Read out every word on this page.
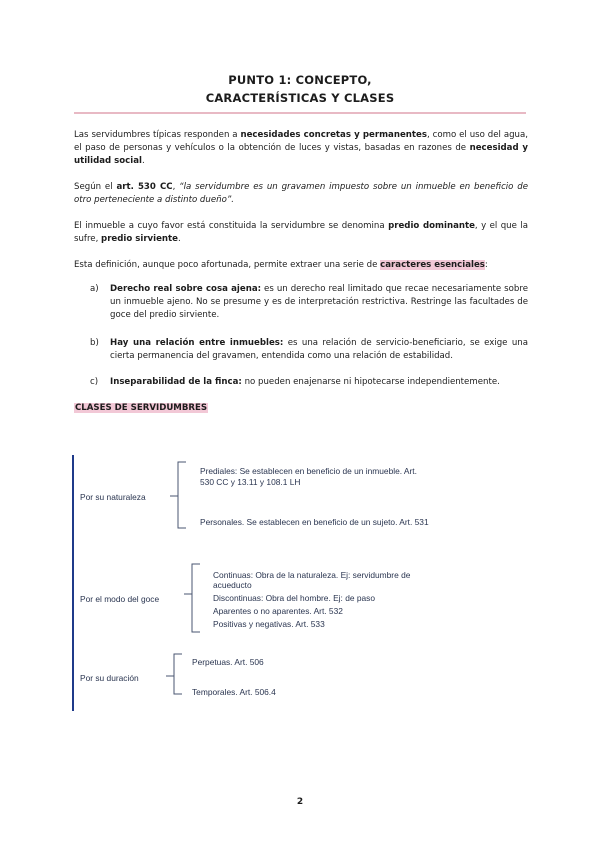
PUNTO 1: CONCEPTO,
CARACTERÍSTICAS Y CLASES
Las servidumbres típicas responden a necesidades concretas y permanentes, como el uso del agua, el paso de personas y vehículos o la obtención de luces y vistas, basadas en razones de necesidad y utilidad social.
Según el art. 530 CC, “la servidumbre es un gravamen impuesto sobre un inmueble en beneficio de otro perteneciente a distinto dueño”.
El inmueble a cuyo favor está constituida la servidumbre se denomina predio dominante, y el que la sufre, predio sirviente.
Esta definición, aunque poco afortunada, permite extraer una serie de caracteres esenciales:
a) Derecho real sobre cosa ajena: es un derecho real limitado que recae necesariamente sobre un inmueble ajeno. No se presume y es de interpretación restrictiva. Restringe las facultades de goce del predio sirviente.
b) Hay una relación entre inmuebles: es una relación de servicio-beneficiario, se exige una cierta permanencia del gravamen, entendida como una relación de estabilidad.
c) Inseparabilidad de la finca: no pueden enajenarse ni hipotecarse independientemente.
CLASES DE SERVIDUMBRES
Por su naturaleza
Prediales: Se establecen en beneficio de un inmueble. Art.
530 CC y 13.11 y 108.1 LH
Personales. Se establecen en beneficio de un sujeto. Art. 531
Por el modo del goce
Continuas: Obra de la naturaleza. Ej: servidumbre de
acueducto
Discontinuas: Obra del hombre. Ej: de paso
Aparentes o no aparentes. Art. 532
Positivas y negativas. Art. 533
Por su duración
Perpetuas. Art. 506
Temporales. Art. 506.4
2
